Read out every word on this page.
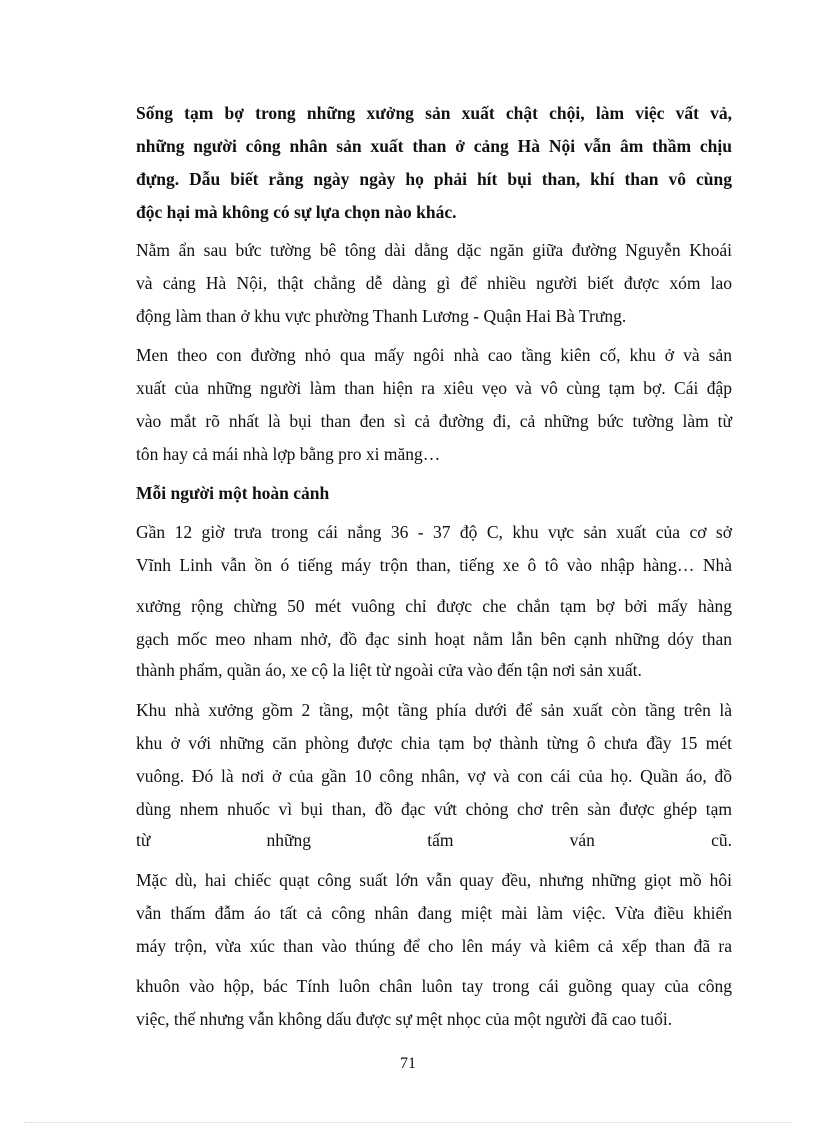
Sống tạm bợ trong những xưởng sản xuất chật chội, làm việc vất vả,
những người công nhân sản xuất than ở cảng Hà Nội vẫn âm thầm chịu
đựng. Dẫu biết rằng ngày ngày họ phải hít bụi than, khí than vô cùng
độc hại mà không có sự lựa chọn nào khác.
Nằm ẩn sau bức tường bê tông dài dằng dặc ngăn giữa đường Nguyễn Khoái
và cảng Hà Nội, thật chẳng dễ dàng gì để nhiều người biết được xóm lao
động làm than ở khu vực phường Thanh Lương - Quận Hai Bà Trưng.
Men theo con đường nhỏ qua mấy ngôi nhà cao tầng kiên cố, khu ở và sản
xuất của những người làm than hiện ra xiêu vẹo và vô cùng tạm bợ. Cái đập
vào mắt rõ nhất là bụi than đen sì cả đường đi, cả những bức tường làm từ
tôn hay cả mái nhà lợp bằng pro xi măng…
Mỗi người một hoàn cảnh
Gần 12 giờ trưa trong cái nắng 36 - 37 độ C, khu vực sản xuất của cơ sở
Vĩnh Linh vẫn ồn ó tiếng máy trộn than, tiếng xe ô tô vào nhập hàng… Nhà
xưởng rộng chừng 50 mét vuông chỉ được che chắn tạm bợ bởi mấy hàng
gạch mốc meo nham nhở, đồ đạc sinh hoạt nằm lẫn bên cạnh những dóy than
thành phẩm, quần áo, xe cộ la liệt từ ngoài cửa vào đến tận nơi sản xuất.
Khu nhà xưởng gồm 2 tầng, một tầng phía dưới để sản xuất còn tầng trên là
khu ở với những căn phòng được chia tạm bợ thành từng ô chưa đầy 15 mét
vuông. Đó là nơi ở của gần 10 công nhân, vợ và con cái của họ. Quần áo, đồ
dùng nhem nhuốc vì bụi than, đồ đạc vứt chỏng chơ trên sàn được ghép tạm
từ những tấm ván cũ.
Mặc dù, hai chiếc quạt công suất lớn vẫn quay đều, nhưng những giọt mồ hôi
vẫn thấm đẫm áo tất cả công nhân đang miệt mài làm việc. Vừa điều khiển
máy trộn, vừa xúc than vào thúng để cho lên máy và kiêm cả xếp than đã ra
khuôn vào hộp, bác Tính luôn chân luôn tay trong cái guồng quay của công
việc, thế nhưng vẫn không dấu được sự mệt nhọc của một người đã cao tuổi.
71
